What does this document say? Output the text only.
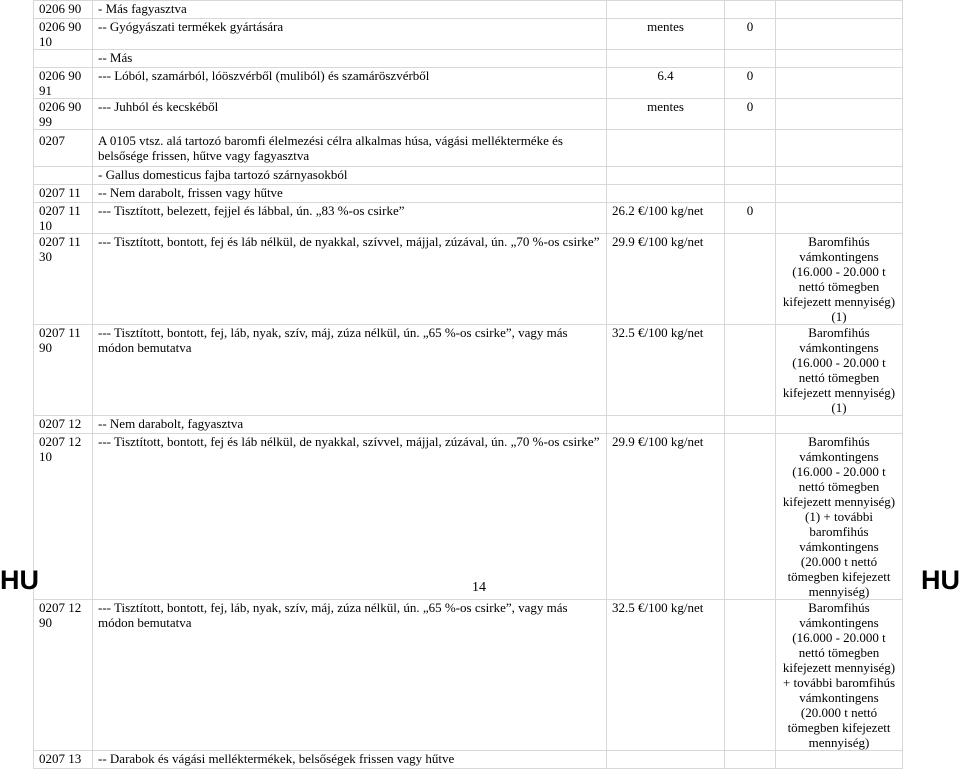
0206 90	- Más fagyasztva			
0206 90 10	-- Gyógyászati termékek gyártására	mentes	0	
	-- Más			
0206 90 91	--- Lóból, szamárból, lóöszvérből (muliból) és szamáröszvérből	6.4	0	
0206 90 99	--- Juhból és kecskéből	mentes	0	
0207	A 0105 vtsz. alá tartozó baromfi élelmezési célra alkalmas húsa, vágási mellékterméke és belsősége frissen, hűtve vagy fagyasztva			
	- Gallus domesticus fajba tartozó szárnyasokból			
0207 11	-- Nem darabolt, frissen vagy hűtve			
0207 11 10	--- Tisztított, belezett, fejjel és lábbal, ún. „83 %-os csirke”	26.2 €/100 kg/net	0	
0207 11 30	--- Tisztított, bontott, fej és láb nélkül, de nyakkal, szívvel, májjal, zúzával, ún. „70 %-os csirke”	29.9 €/100 kg/net		Baromfihús vámkontingens (16.000 - 20.000 t nettó tömegben kifejezett mennyiség) (1)
0207 11 90	--- Tisztított, bontott, fej, láb, nyak, szív, máj, zúza nélkül, ún. „65 %-os csirke”, vagy más módon bemutatva	32.5 €/100 kg/net		Baromfihús vámkontingens (16.000 - 20.000 t nettó tömegben kifejezett mennyiség) (1)
0207 12	-- Nem darabolt, fagyasztva			
0207 12 10	--- Tisztított, bontott, fej és láb nélkül, de nyakkal, szívvel, májjal, zúzával, ún. „70 %-os csirke”	29.9 €/100 kg/net		Baromfihús vámkontingens (16.000 - 20.000 t nettó tömegben kifejezett mennyiség) (1) + további baromfihús vámkontingens (20.000 t nettó tömegben kifejezett mennyiség)
0207 12 90	--- Tisztított, bontott, fej, láb, nyak, szív, máj, zúza nélkül, ún. „65 %-os csirke”, vagy más módon bemutatva	32.5 €/100 kg/net		Baromfihús vámkontingens (16.000 - 20.000 t nettó tömegben kifejezett mennyiség) + további baromfihús vámkontingens (20.000 t nettó tömegben kifejezett mennyiség)
0207 13	-- Darabok és vágási melléktermékek, belsőségek frissen vagy hűtve			
HU	14	HU
